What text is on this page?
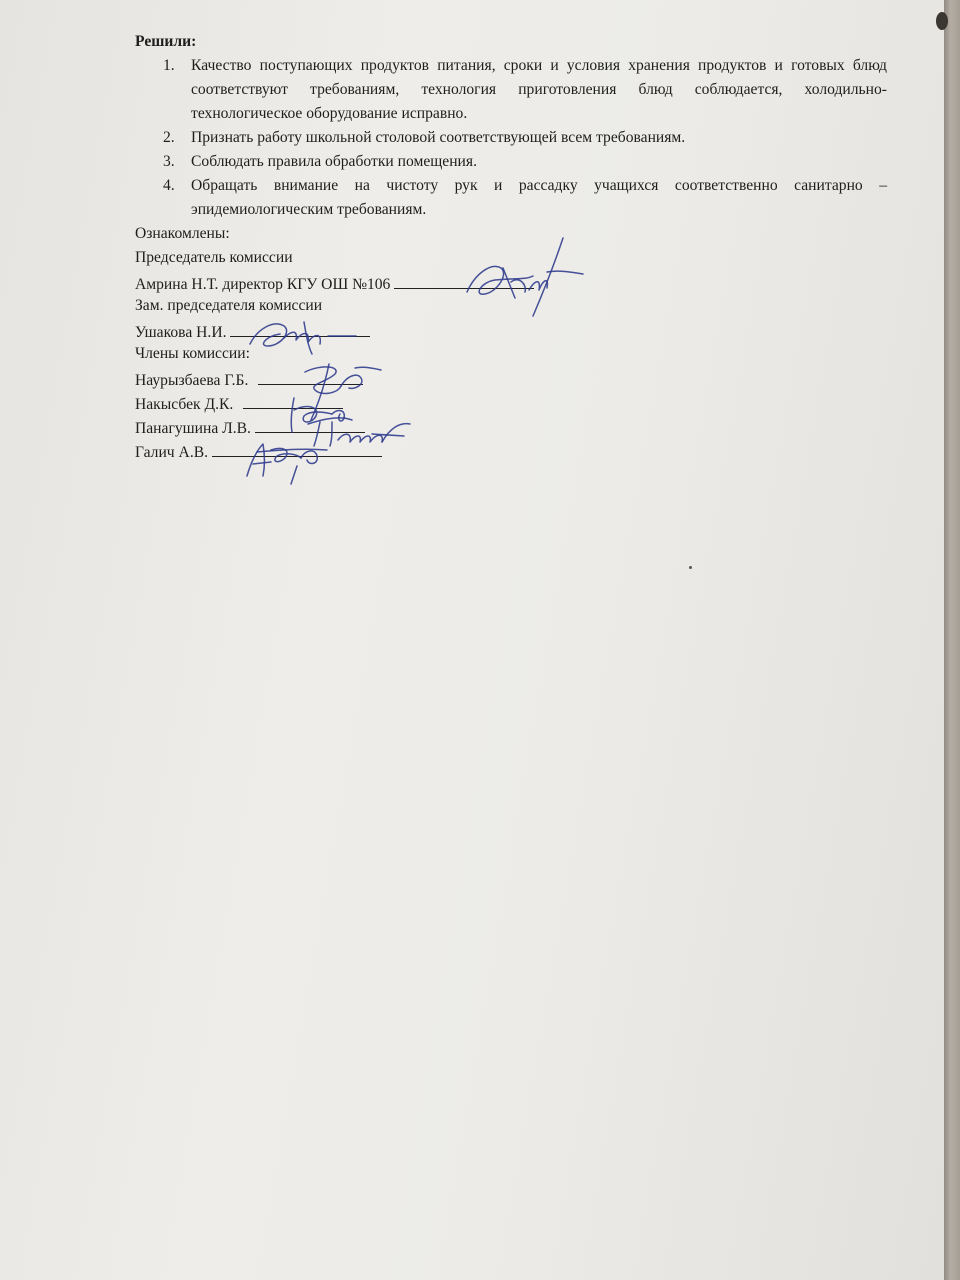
Решили:
1. Качество поступающих продуктов питания, сроки и условия хранения продуктов и готовых блюд соответствуют требованиям, технология приготовления блюд соблюдается, холодильно-технологическое оборудование исправно.
2. Признать работу школьной столовой соответствующей всем требованиям.
3. Соблюдать правила обработки помещения.
4. Обращать внимание на чистоту рук и рассадку учащихся соответственно санитарно – эпидемиологическим требованиям.
Ознакомлены:
Председатель комиссии
Амрина Н.Т. директор КГУ ОШ №106
Зам. председателя комиссии
Ушакова Н.И.
Члены комиссии:
Наурызбаева Г.Б.
Накысбек Д.К.
Панагушина Л.В.
Галич А.В.
